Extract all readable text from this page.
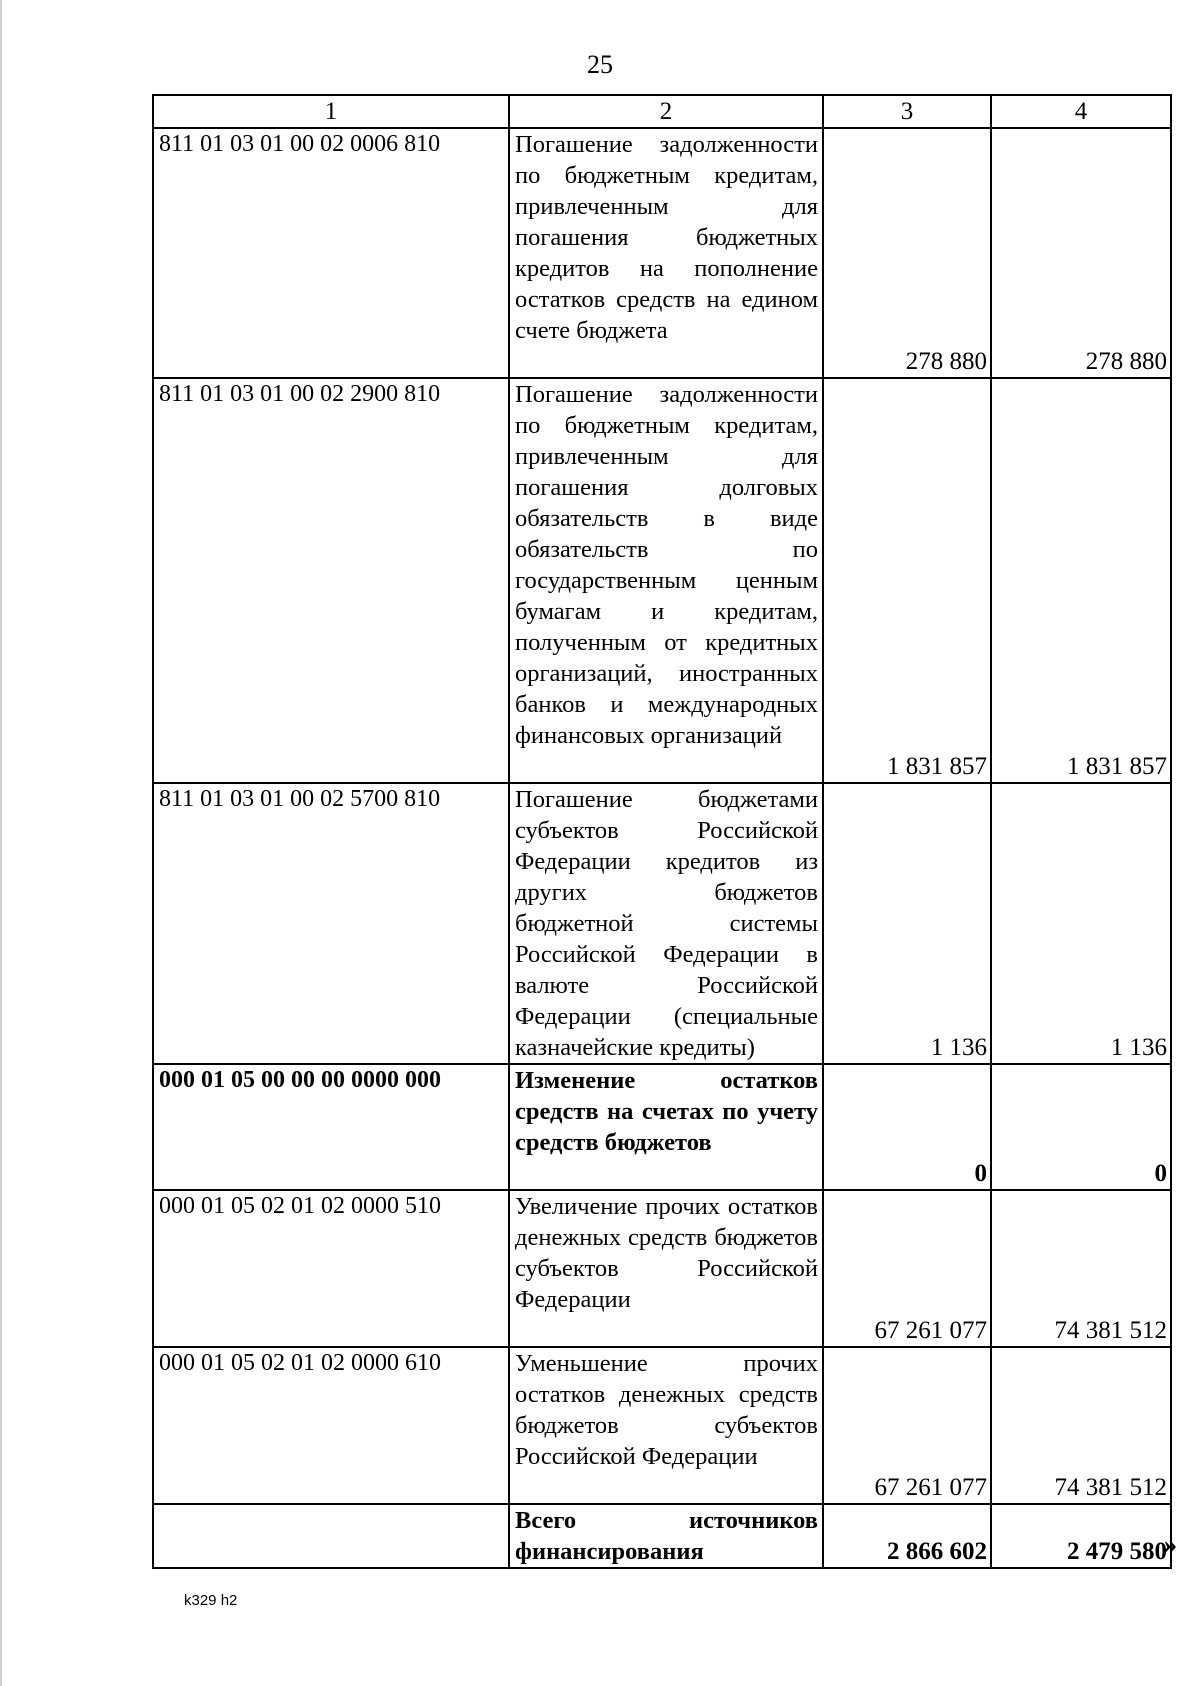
25
1	2	3	4
811 01 03 01 00 02 0006 810	Погашение задолженности по бюджетным кредитам, привлеченным для погашения бюджетных кредитов на пополнение остатков средств на едином счете бюджета	278 880	278 880
811 01 03 01 00 02 2900 810	Погашение задолженности по бюджетным кредитам, привлеченным для погашения долговых обязательств в виде обязательств по государственным ценным бумагам и кредитам, полученным от кредитных организаций, иностранных банков и международных финансовых организаций	1 831 857	1 831 857
811 01 03 01 00 02 5700 810	Погашение бюджетами субъектов Российской Федерации кредитов из других бюджетов бюджетной системы Российской Федерации в валюте Российской Федерации (специальные казначейские кредиты)	1 136	1 136
000 01 05 00 00 00 0000 000	Изменение остатков средств на счетах по учету средств бюджетов	0	0
000 01 05 02 01 02 0000 510	Увеличение прочих остатков денежных средств бюджетов субъектов Российской Федерации	67 261 077	74 381 512
000 01 05 02 01 02 0000 610	Уменьшение прочих остатков денежных средств бюджетов субъектов Российской Федерации	67 261 077	74 381 512
	Всего источников финансирования	2 866 602	2 479 580
»
k329 h2
